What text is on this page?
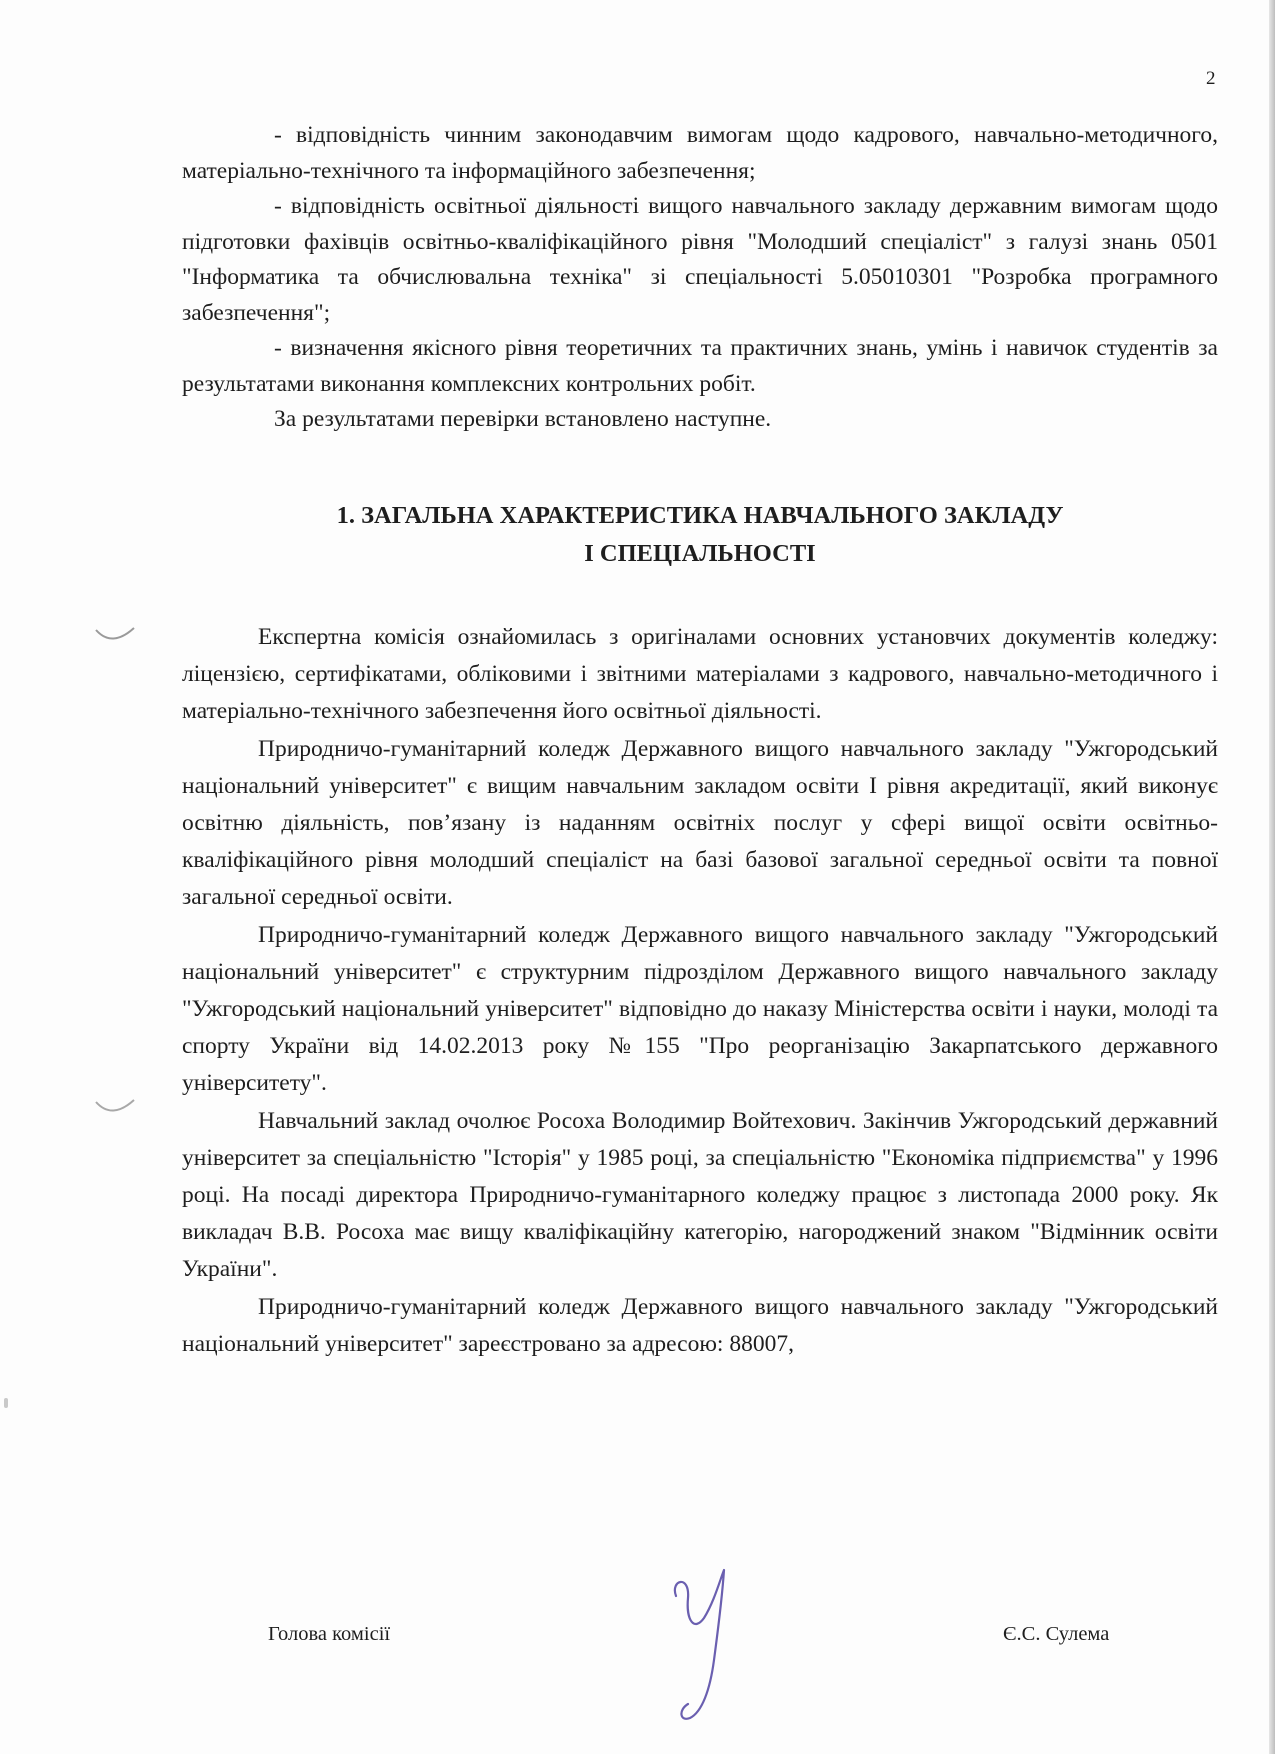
2

- відповідність чинним законодавчим вимогам щодо кадрового, навчально-методичного, матеріально-технічного та інформаційного забезпечення;

- відповідність освітньої діяльності вищого навчального закладу державним вимогам щодо підготовки фахівців освітньо-кваліфікаційного рівня "Молодший спеціаліст" з галузі знань 0501 "Інформатика та обчислювальна техніка" зі спеціальності 5.05010301 "Розробка програмного забезпечення";

- визначення якісного рівня теоретичних та практичних знань, умінь і навичок студентів за результатами виконання комплексних контрольних робіт.

За результатами перевірки встановлено наступне.

1. ЗАГАЛЬНА ХАРАКТЕРИСТИКА НАВЧАЛЬНОГО ЗАКЛАДУ
І СПЕЦІАЛЬНОСТІ

Експертна комісія ознайомилась з оригіналами основних установчих документів коледжу: ліцензією, сертифікатами, обліковими і звітними матеріалами з кадрового, навчально-методичного і матеріально-технічного забезпечення його освітньої діяльності.

Природничо-гуманітарний коледж Державного вищого навчального закладу "Ужгородський національний університет" є вищим навчальним закладом освіти І рівня акредитації, який виконує освітню діяльність, пов’язану із наданням освітніх послуг у сфері вищої освіти освітньо-кваліфікаційного рівня молодший спеціаліст на базі базової загальної середньої освіти та повної загальної середньої освіти.

Природничо-гуманітарний коледж Державного вищого навчального закладу "Ужгородський національний університет" є структурним підрозділом Державного вищого навчального закладу "Ужгородський національний університет" відповідно до наказу Міністерства освіти і науки, молоді та спорту України від 14.02.2013 року №155 "Про реорганізацію Закарпатського державного університету".

Навчальний заклад очолює Росоха Володимир Войтехович. Закінчив Ужгородський державний університет за спеціальністю "Історія" у 1985 році, за спеціальністю "Економіка підприємства" у 1996 році. На посаді директора Природничо-гуманітарного коледжу працює з листопада 2000 року. Як викладач В.В. Росоха має вищу кваліфікаційну категорію, нагороджений знаком "Відмінник освіти України".

Природничо-гуманітарний коледж Державного вищого навчального закладу "Ужгородський національний університет" зареєстровано за адресою: 88007,

Голова комісії	Є.С. Сулема
